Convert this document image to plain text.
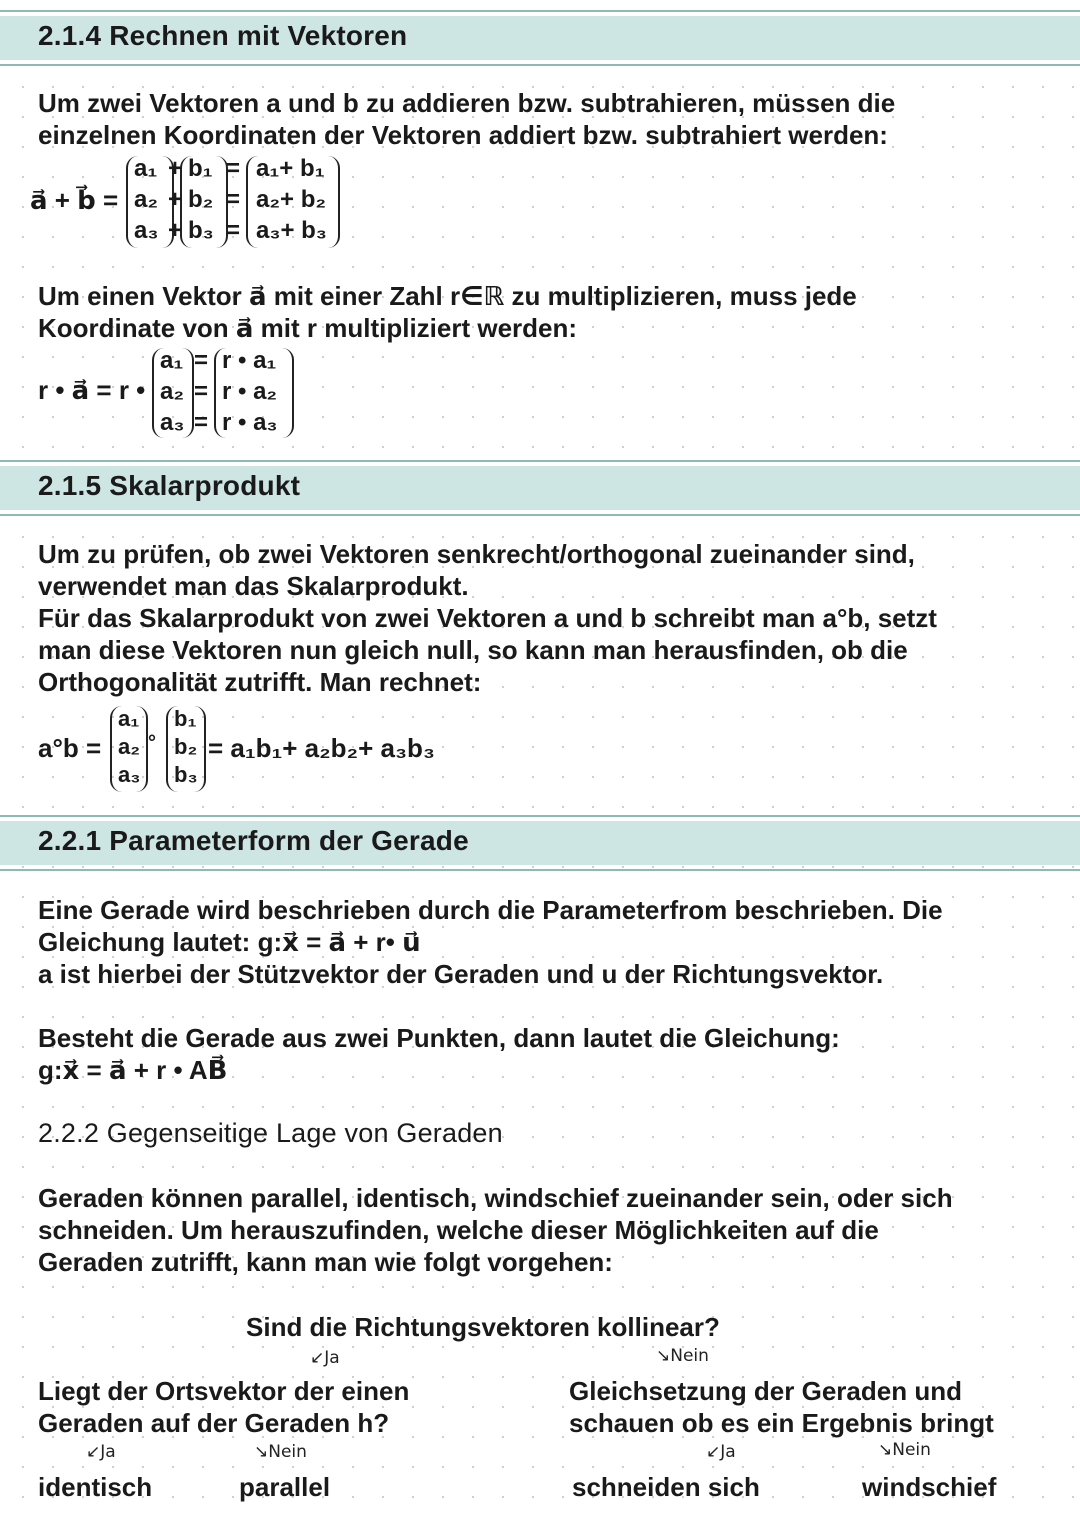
2.1.4 Rechnen mit Vektoren

Um zwei Vektoren a und b zu addieren bzw. subtrahieren, müssen die
einzelnen Koordinaten der Vektoren addiert bzw. subtrahiert werden:

a⃗ + b⃗ =
a₁ + b₁ = a₁+ b₁
a₂ + b₂ = a₂+ b₂
a₃ + b₃ = a₃+ b₃

Um einen Vektor a⃗ mit einer Zahl r∈ℝ zu multiplizieren, muss jede
Koordinate von a⃗ mit r multipliziert werden:

r • a⃗ = r •
a₁ = r • a₁
a₂ = r • a₂
a₃ = r • a₃
2.1.5 Skalarprodukt

Um zu prüfen, ob zwei Vektoren senkrecht/orthogonal zueinander sind,
verwendet man das Skalarprodukt.
Für das Skalarprodukt von zwei Vektoren a und b schreibt man a°b, setzt
man diese Vektoren nun gleich null, so kann man herausfinden, ob die
Orthogonalität zutrifft. Man rechnet:

a°b =
a₁
a₂
a₃
°
b₁
b₂
b₃
= a₁b₁+ a₂b₂+ a₃b₃
2.2.1 Parameterform der Gerade

Eine Gerade wird beschrieben durch die Parameterfrom beschrieben. Die
Gleichung lautet: g:x⃗ = a⃗ + r• u⃗
a ist hierbei der Stützvektor der Geraden und u der Richtungsvektor.

Besteht die Gerade aus zwei Punkten, dann lautet die Gleichung:
g:x⃗ = a⃗ + r • AB⃗

2.2.2 Gegenseitige Lage von Geraden

Geraden können parallel, identisch, windschief zueinander sein, oder sich
schneiden. Um herauszufinden, welche dieser Möglichkeiten auf die
Geraden zutrifft, kann man wie folgt vorgehen:

Sind die Richtungsvektoren kollinear?
↙Ja	↘Nein
Liegt der Ortsvektor der einen
Geraden auf der Geraden h?
Gleichsetzung der Geraden und
schauen ob es ein Ergebnis bringt
↙Ja	↘Nein	↙Ja	↘Nein
identisch	parallel	schneiden sich	windschief
